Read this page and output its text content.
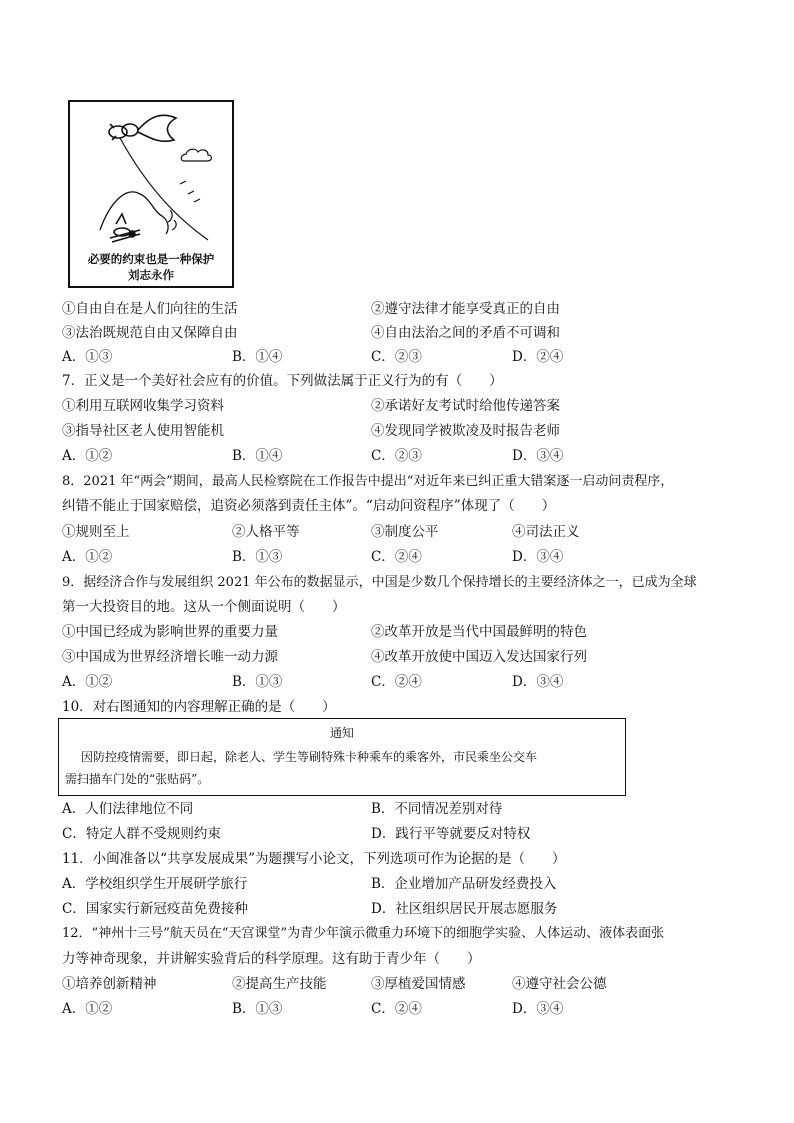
必要的约束也是一种保护
刘志永作
①自由自在是人们向往的生活	②遵守法律才能享受真正的自由
③法治既规范自由又保障自由	④自由法治之间的矛盾不可调和
A．①③	B．①④	C．②③	D．②④
7．正义是一个美好社会应有的价值。下列做法属于正义行为的有（　　）
①利用互联网收集学习资料	②承诺好友考试时给他传递答案
③指导社区老人使用智能机	④发现同学被欺凌及时报告老师
A．①②	B．①④	C．②③	D．③④
8．2021 年“两会”期间，最高人民检察院在工作报告中提出“对近年来已纠正重大错案逐一启动问责程序，
纠错不能止于国家赔偿，追资必须落到责任主体”。“启动问资程序”体现了（　　）
①规则至上	②人格平等	③制度公平	④司法正义
A．①②	B．①③	C．②④	D．③④
9．据经济合作与发展组织 2021 年公布的数据显示，中国是少数几个保持增长的主要经济体之一，已成为全球
第一大投资目的地。这从一个侧面说明（　　）
①中国已经成为影响世界的重要力量	②改革开放是当代中国最鲜明的特色
③中国成为世界经济增长唯一动力源	④改革开放使中国迈入发达国家行列
A．①②	B．①③	C．②④	D．③④
10．对右图通知的内容理解正确的是（　　）
通知
因防控疫情需要，即日起，除老人、学生等刷特殊卡种乘车的乘客外，市民乘坐公交车
需扫描车门处的“张贴码”。
A．人们法律地位不同	B．不同情况差别对待
C．特定人群不受规则约束	D．践行平等就要反对特权
11．小闽准备以“共享发展成果”为题撰写小论文，下列选项可作为论据的是（　　）
A．学校组织学生开展研学旅行	B．企业增加产品研发经费投入
C．国家实行新冠疫苗免费接种	D．社区组织居民开展志愿服务
12．“神州十三号”航天员在“天宫课堂”为青少年演示微重力环境下的细胞学实验、人体运动、液体表面张
力等神奇现象，并讲解实验背后的科学原理。这有助于青少年（　　）
①培养创新精神	②提高生产技能	③厚植爱国情感	④遵守社会公德
A．①②	B．①③	C．②④	D．③④
